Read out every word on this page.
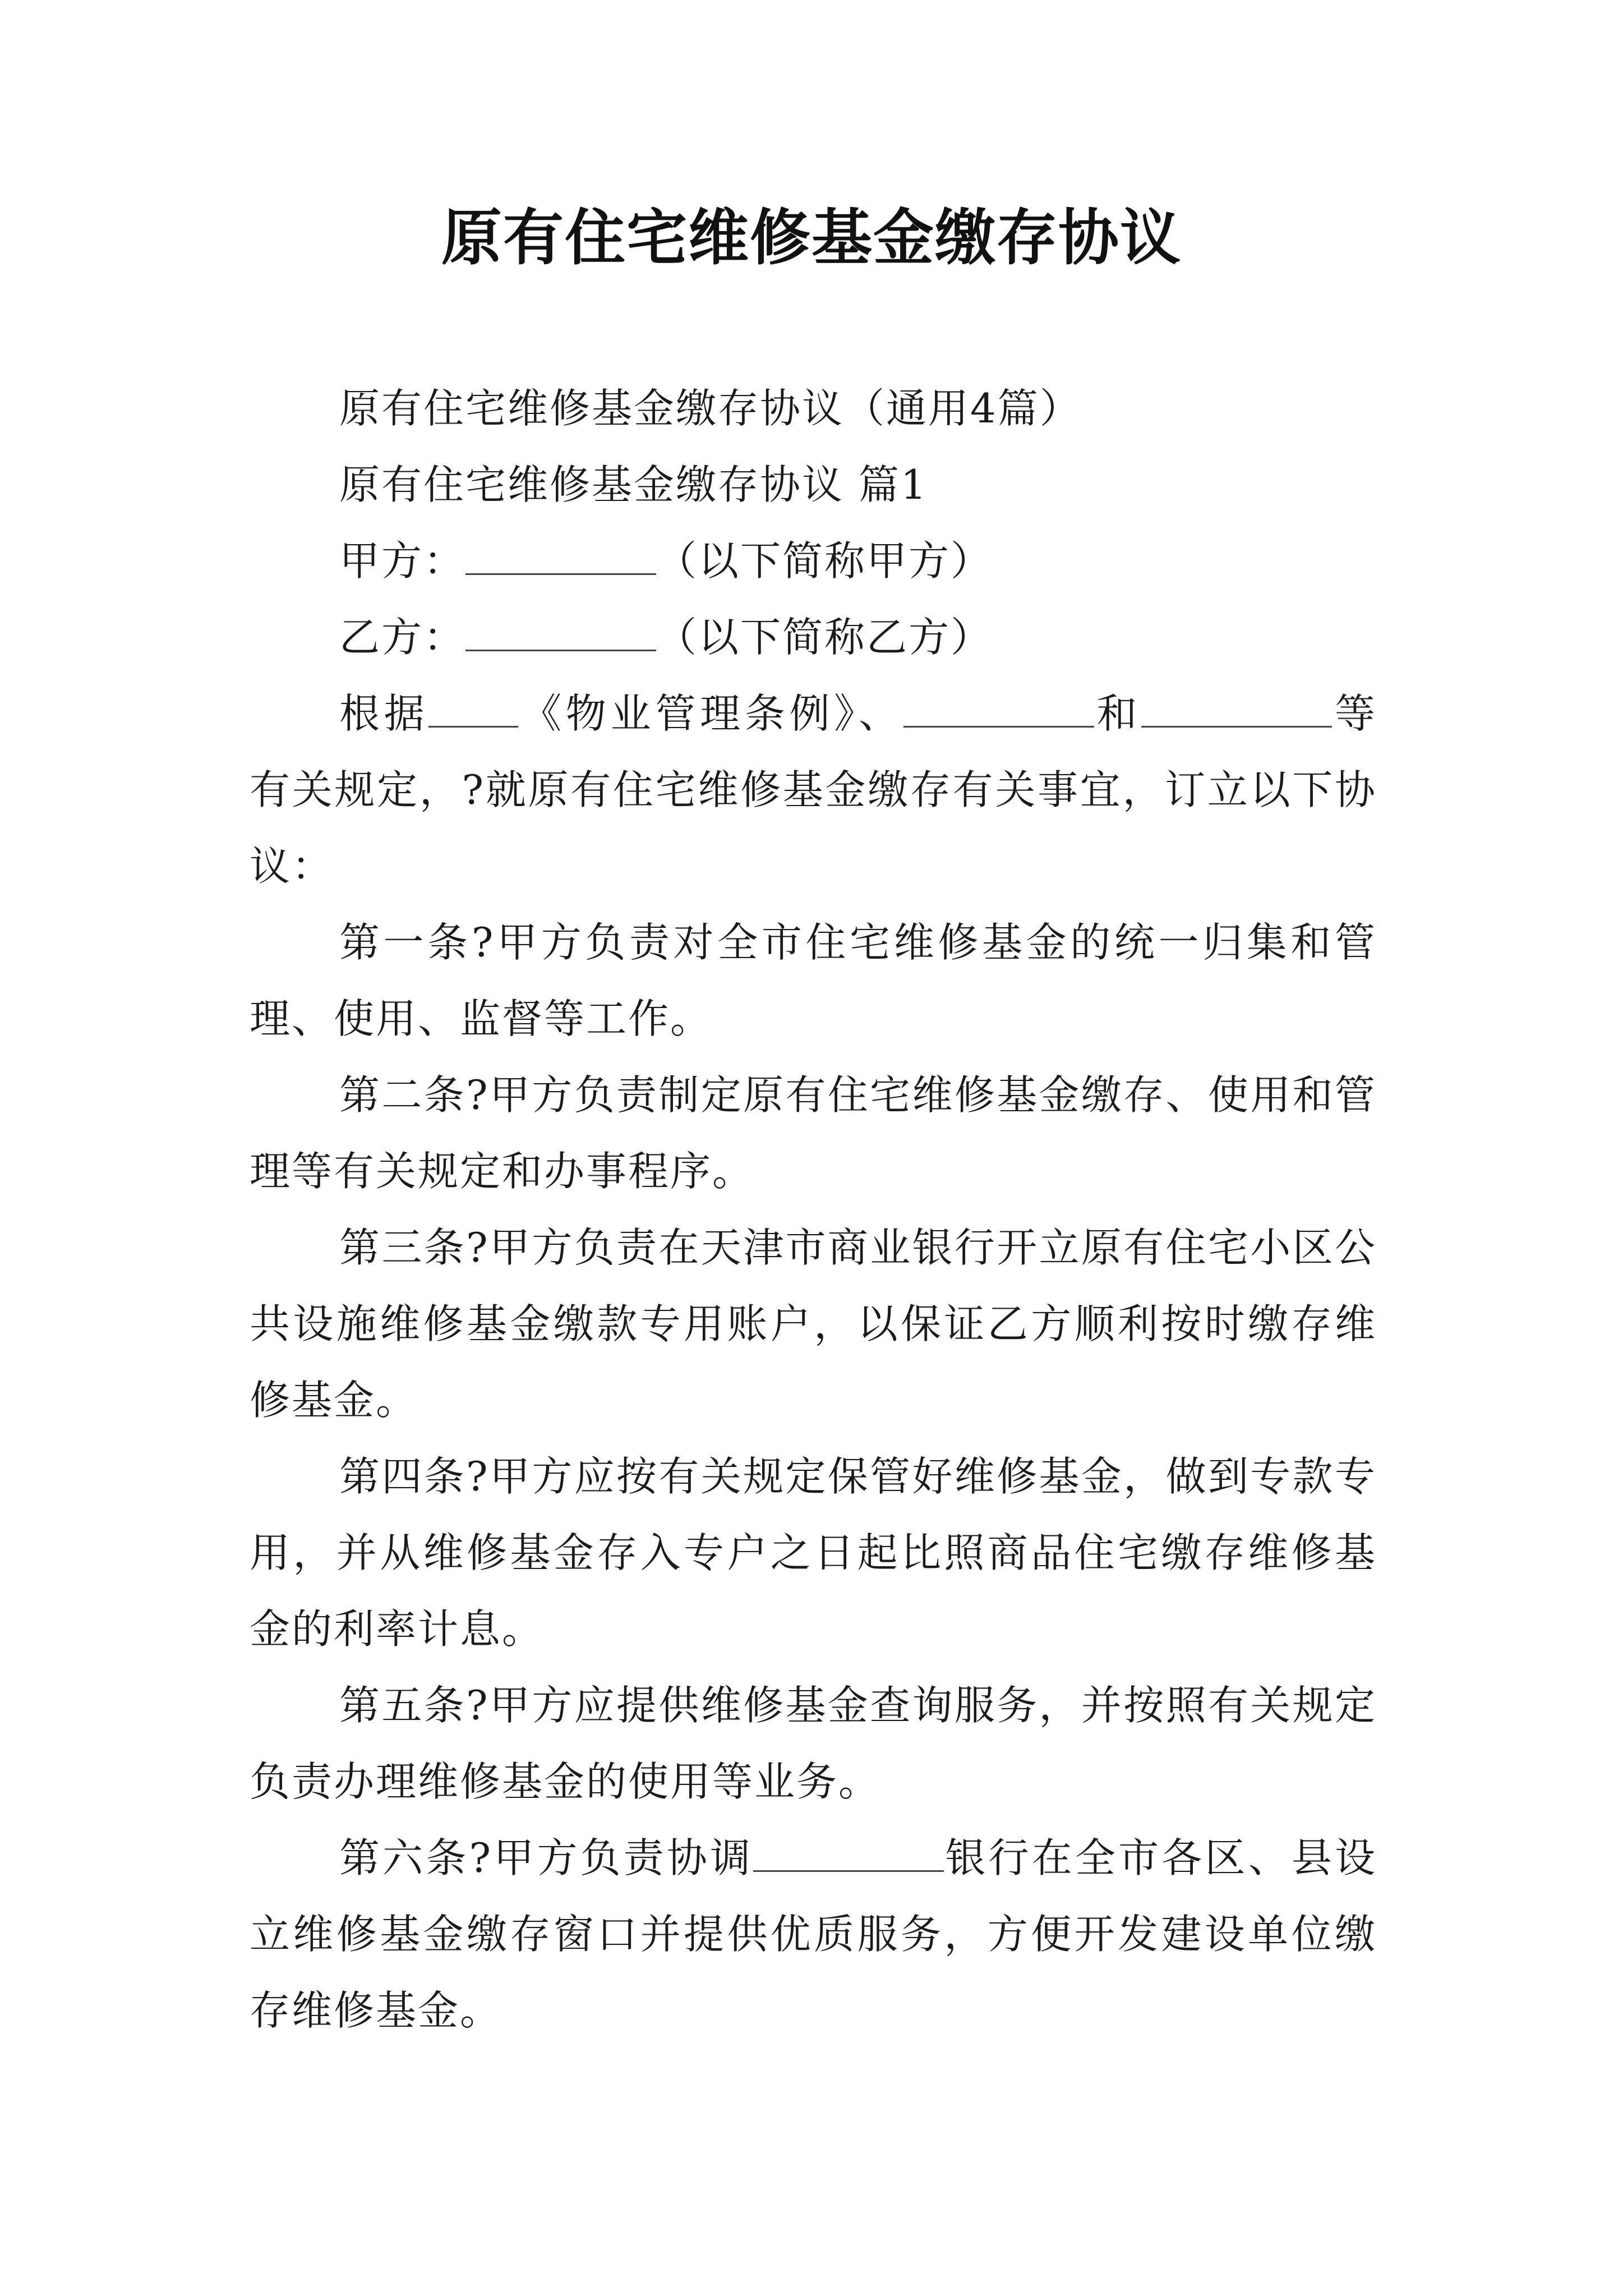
原有住宅维修基金缴存协议

原有住宅维修基金缴存协议（通用4篇）

原有住宅维修基金缴存协议 篇1

甲方：	（以下简称甲方）

乙方：	（以下简称乙方）

根据 《物业管理条例》、	和	等有关规定，?就原有住宅维修基金缴存有关事宜，订立以下协议：

第一条?甲方负责对全市住宅维修基金的统一归集和管理、使用、监督等工作。

第二条?甲方负责制定原有住宅维修基金缴存、使用和管理等有关规定和办事程序。

第三条?甲方负责在天津市商业银行开立原有住宅小区公共设施维修基金缴款专用账户，以保证乙方顺利按时缴存维修基金。

第四条?甲方应按有关规定保管好维修基金，做到专款专用，并从维修基金存入专户之日起比照商品住宅缴存维修基金的利率计息。

第五条?甲方应提供维修基金查询服务，并按照有关规定负责办理维修基金的使用等业务。

第六条?甲方负责协调	银行在全市各区、县设立维修基金缴存窗口并提供优质服务，方便开发建设单位缴存维修基金。
